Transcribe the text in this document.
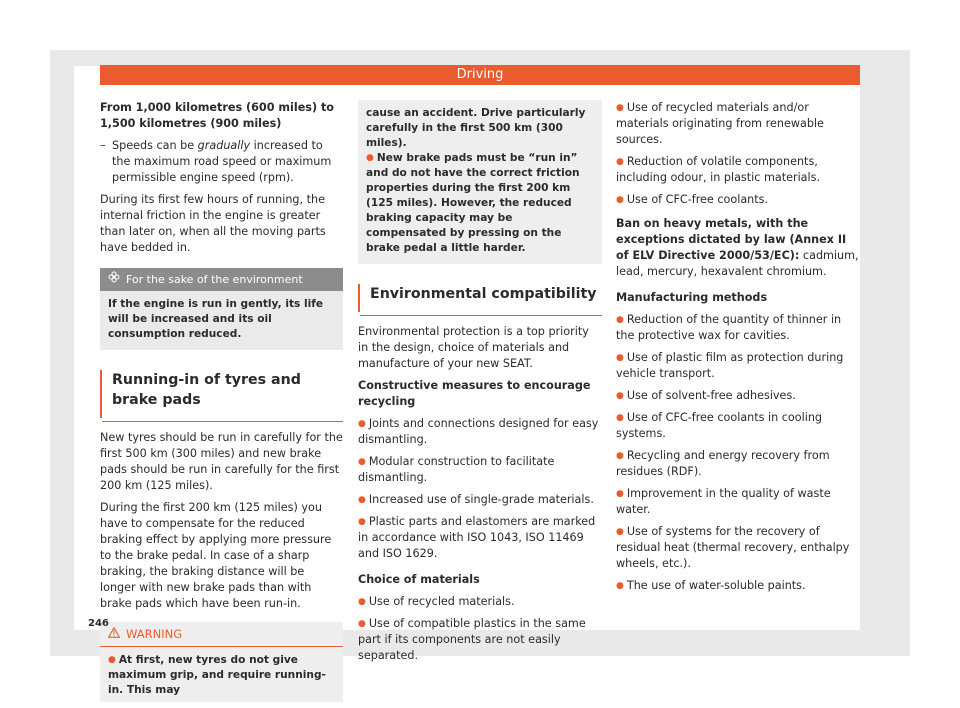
Driving

From 1,000 kilometres (600 miles) to 1,500 kilometres (900 miles)

– Speeds can be gradually increased to the maximum road speed or maximum permissible engine speed (rpm).

During its first few hours of running, the internal friction in the engine is greater than later on, when all the moving parts have bedded in.

For the sake of the environment
If the engine is run in gently, its life will be increased and its oil consumption reduced.
Running-in of tyres and brake pads

New tyres should be run in carefully for the first 500 km (300 miles) and new brake pads should be run in carefully for the first 200 km (125 miles).

During the first 200 km (125 miles) you have to compensate for the reduced braking effect by applying more pressure to the brake pedal. In case of a sharp braking, the braking distance will be longer with new brake pads than with brake pads which have been run-in.

WARNING
● At first, new tyres do not give maximum grip, and require running-in. This may

cause an accident. Drive particularly carefully in the first 500 km (300 miles).

● New brake pads must be “run in” and do not have the correct friction properties during the first 200 km (125 miles). However, the reduced braking capacity may be compensated by pressing on the brake pedal a little harder.

Environmental compatibility

Environmental protection is a top priority in the design, choice of materials and manufacture of your new SEAT.

Constructive measures to encourage recycling

● Joints and connections designed for easy dismantling.

● Modular construction to facilitate dismantling.

● Increased use of single-grade materials.

● Plastic parts and elastomers are marked in accordance with ISO 1043, ISO 11469 and ISO 1629.

Choice of materials

● Use of recycled materials.

● Use of compatible plastics in the same part if its components are not easily separated.

● Use of recycled materials and/or materials originating from renewable sources.

● Reduction of volatile components, including odour, in plastic materials.

● Use of CFC-free coolants.

Ban on heavy metals, with the exceptions dictated by law (Annex II of ELV Directive 2000/53/EC): cadmium, lead, mercury, hexavalent chromium.

Manufacturing methods

● Reduction of the quantity of thinner in the protective wax for cavities.

● Use of plastic film as protection during vehicle transport.

● Use of solvent-free adhesives.

● Use of CFC-free coolants in cooling systems.

● Recycling and energy recovery from residues (RDF).

● Improvement in the quality of waste water.

● Use of systems for the recovery of residual heat (thermal recovery, enthalpy wheels, etc.).

● The use of water-soluble paints.

246
